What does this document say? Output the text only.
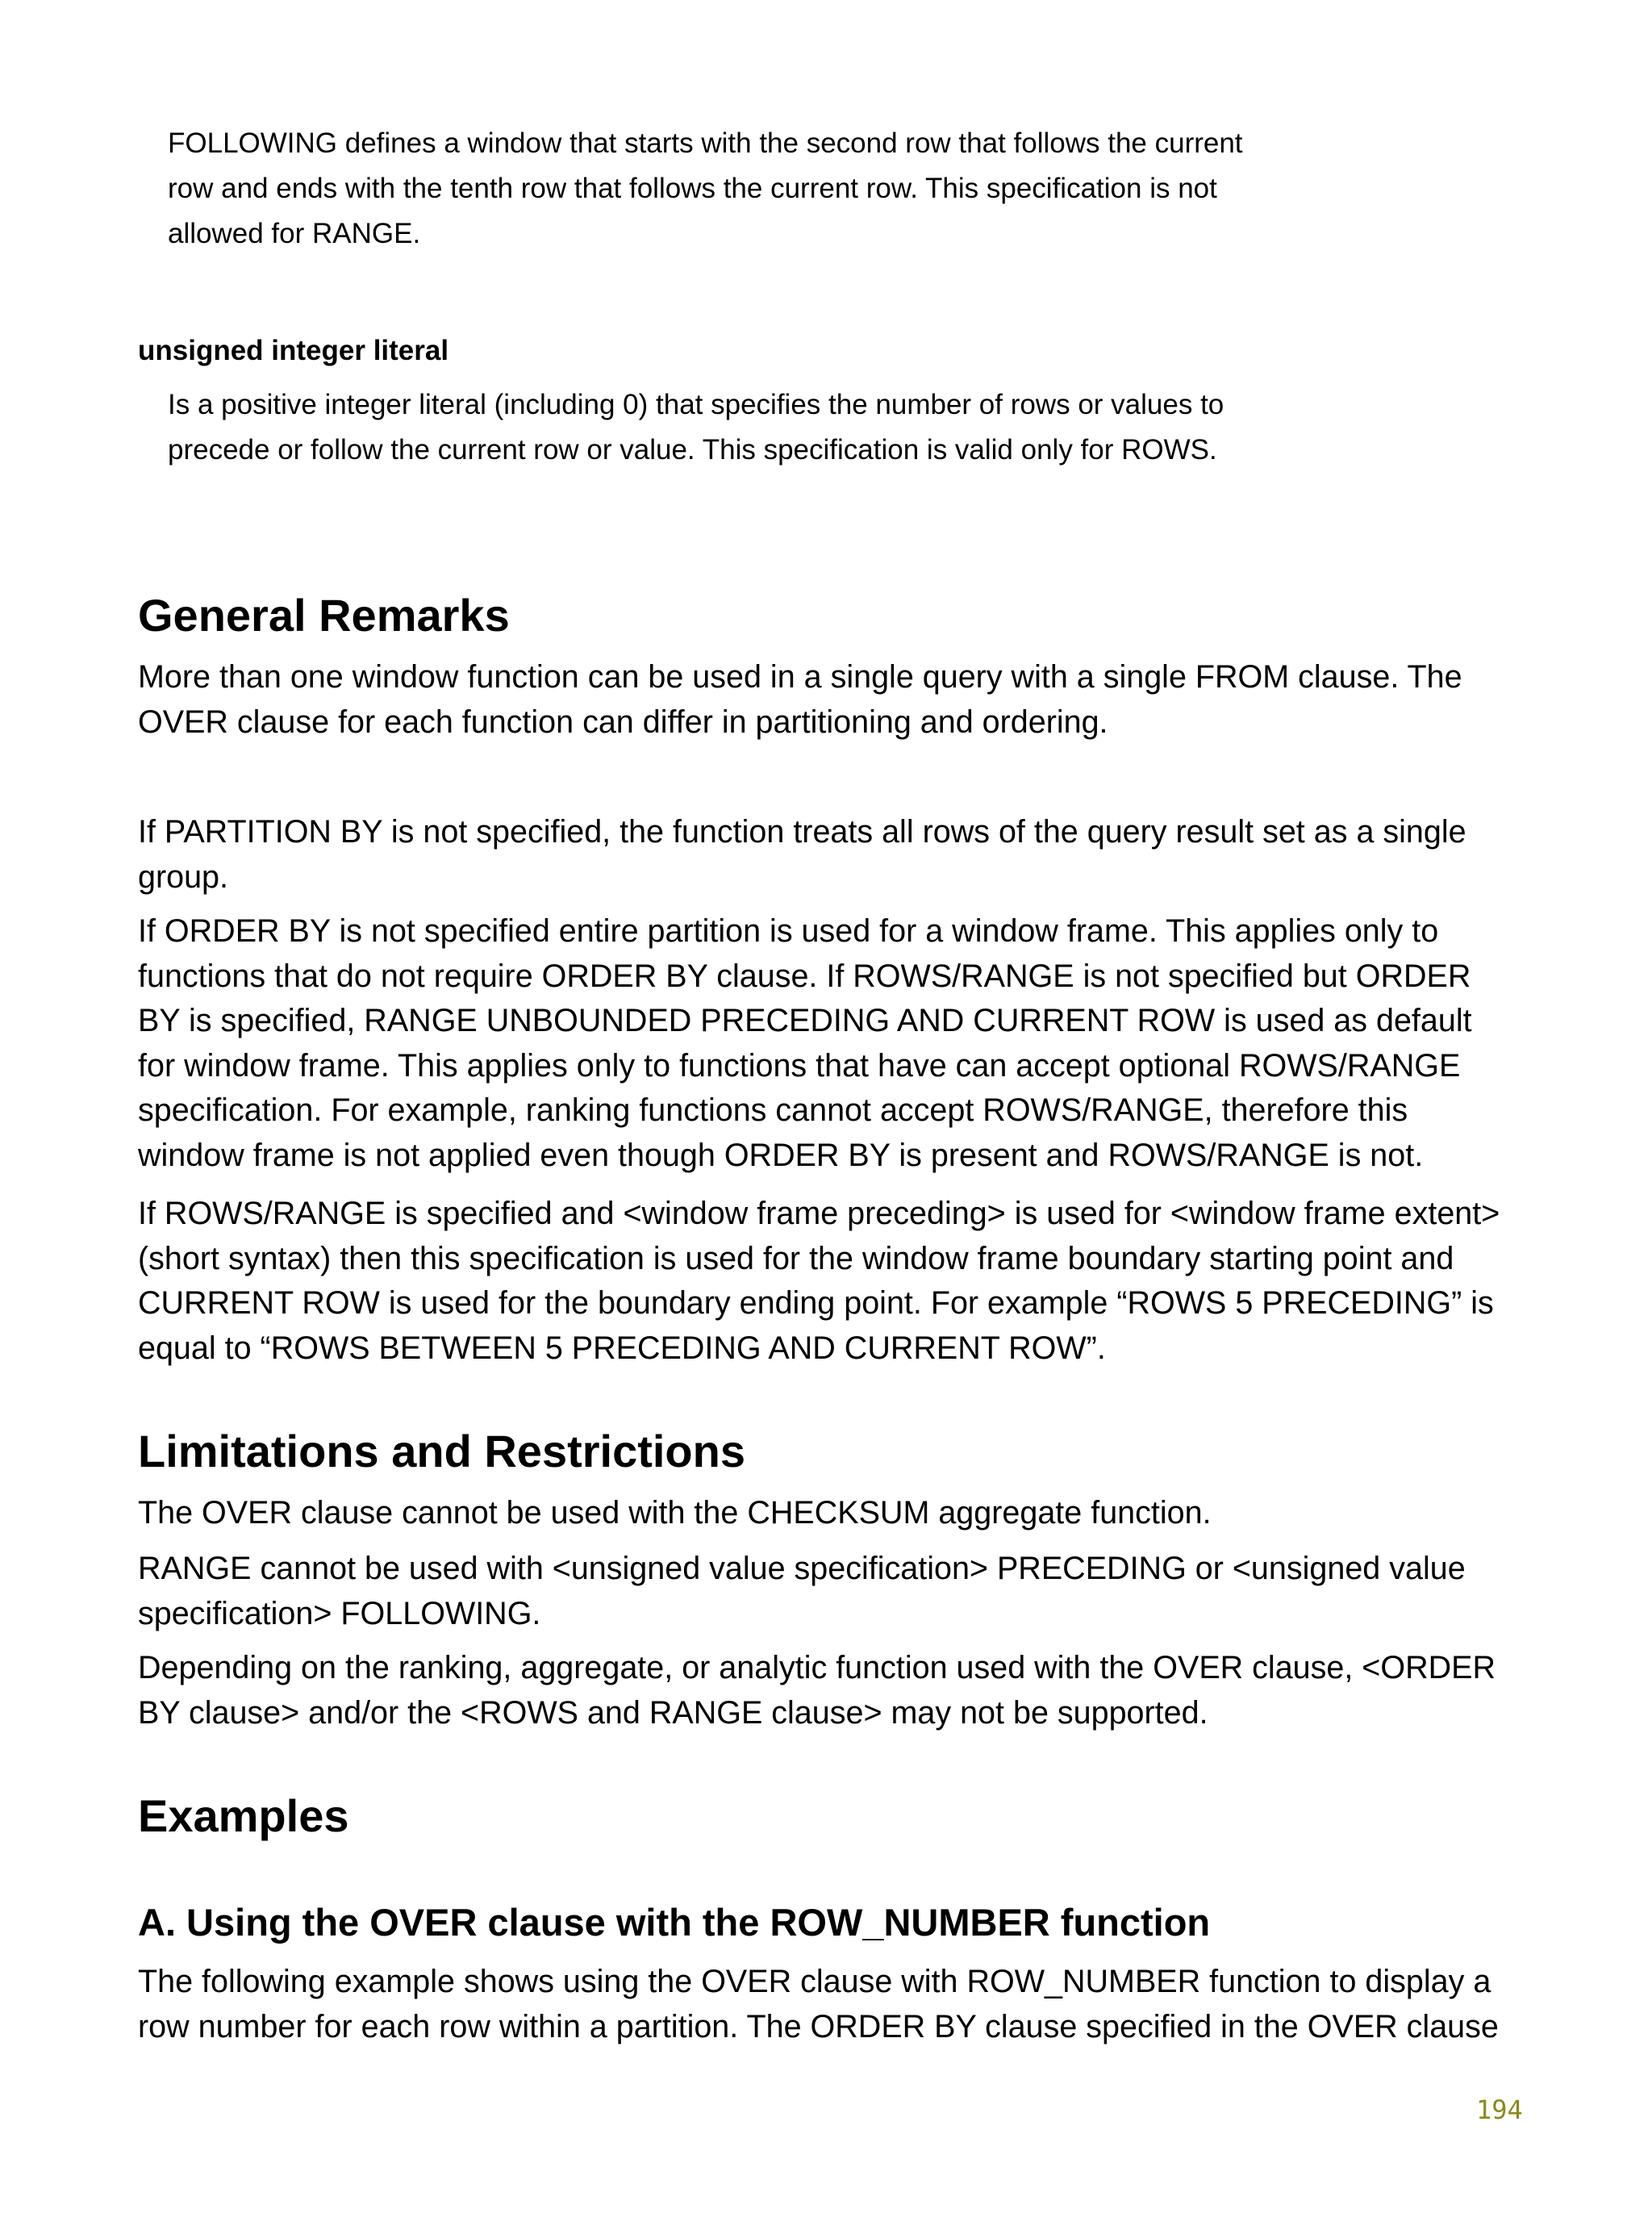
FOLLOWING defines a window that starts with the second row that follows the current
row and ends with the tenth row that follows the current row. This specification is not
allowed for RANGE.
unsigned integer literal
Is a positive integer literal (including 0) that specifies the number of rows or values to
precede or follow the current row or value. This specification is valid only for ROWS.
General Remarks
More than one window function can be used in a single query with a single FROM clause. The
OVER clause for each function can differ in partitioning and ordering.
If PARTITION BY is not specified, the function treats all rows of the query result set as a single
group.
If ORDER BY is not specified entire partition is used for a window frame. This applies only to
functions that do not require ORDER BY clause. If ROWS/RANGE is not specified but ORDER
BY is specified, RANGE UNBOUNDED PRECEDING AND CURRENT ROW is used as default
for window frame. This applies only to functions that have can accept optional ROWS/RANGE
specification. For example, ranking functions cannot accept ROWS/RANGE, therefore this
window frame is not applied even though ORDER BY is present and ROWS/RANGE is not.
If ROWS/RANGE is specified and <window frame preceding> is used for <window frame extent>
(short syntax) then this specification is used for the window frame boundary starting point and
CURRENT ROW is used for the boundary ending point. For example “ROWS 5 PRECEDING” is
equal to “ROWS BETWEEN 5 PRECEDING AND CURRENT ROW”.
Limitations and Restrictions
The OVER clause cannot be used with the CHECKSUM aggregate function.
RANGE cannot be used with <unsigned value specification> PRECEDING or <unsigned value
specification> FOLLOWING.
Depending on the ranking, aggregate, or analytic function used with the OVER clause, <ORDER
BY clause> and/or the <ROWS and RANGE clause> may not be supported.
Examples
A. Using the OVER clause with the ROW_NUMBER function
The following example shows using the OVER clause with ROW_NUMBER function to display a
row number for each row within a partition. The ORDER BY clause specified in the OVER clause
194
